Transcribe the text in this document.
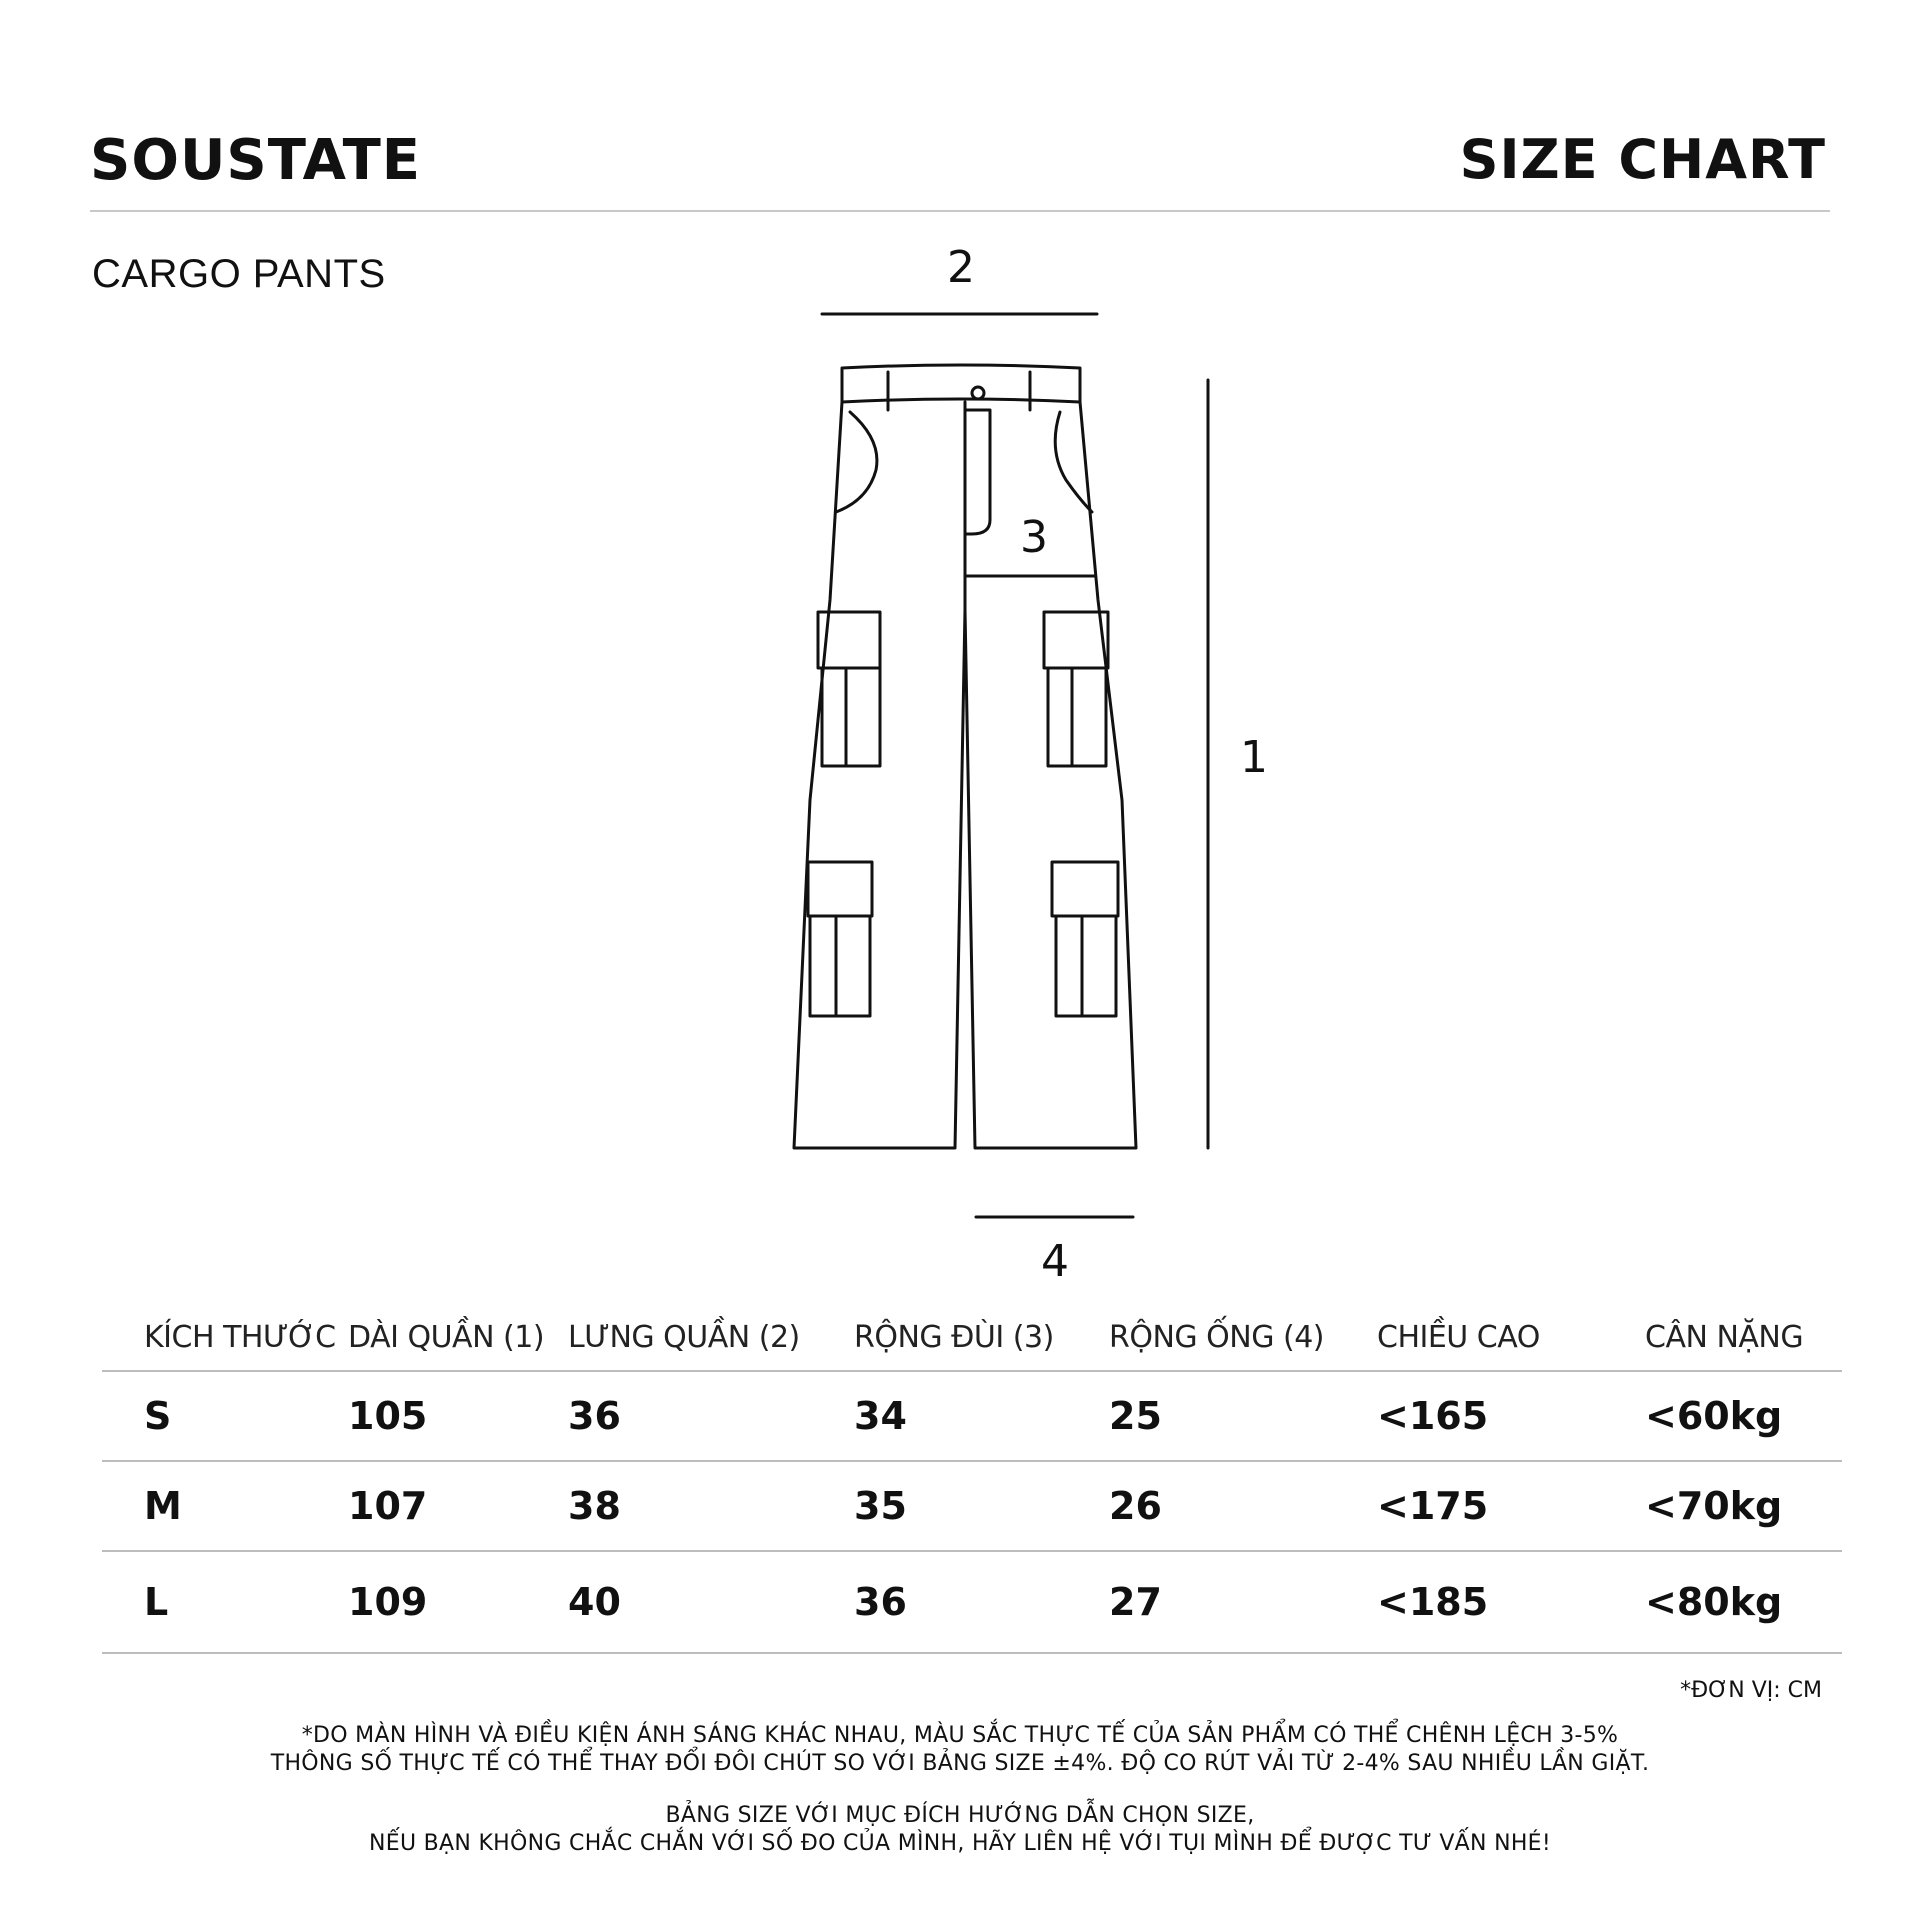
SOUSTATE	SIZE CHART
CARGO PANTS	2
3
1
4
KÍCH THƯỚC	DÀI QUẦN (1)	LƯNG QUẦN (2)	RỘNG ĐÙI (3)	RỘNG ỐNG (4)	CHIỀU CAO	CÂN NẶNG
S	105	36	34	25	<165	<60kg
M	107	38	35	26	<175	<70kg
L	109	40	36	27	<185	<80kg
*ĐƠN VỊ: CM
*DO MÀN HÌNH VÀ ĐIỀU KIỆN ÁNH SÁNG KHÁC NHAU, MÀU SẮC THỰC TẾ CỦA SẢN PHẨM CÓ THỂ CHÊNH LỆCH 3-5%
THÔNG SỐ THỰC TẾ CÓ THỂ THAY ĐỔI ĐÔI CHÚT SO VỚI BẢNG SIZE ±4%. ĐỘ CO RÚT VẢI TỪ 2-4% SAU NHIỀU LẦN GIẶT.
BẢNG SIZE VỚI MỤC ĐÍCH HƯỚNG DẪN CHỌN SIZE,
NẾU BẠN KHÔNG CHẮC CHẮN VỚI SỐ ĐO CỦA MÌNH, HÃY LIÊN HỆ VỚI TỤI MÌNH ĐỂ ĐƯỢC TƯ VẤN NHÉ!
